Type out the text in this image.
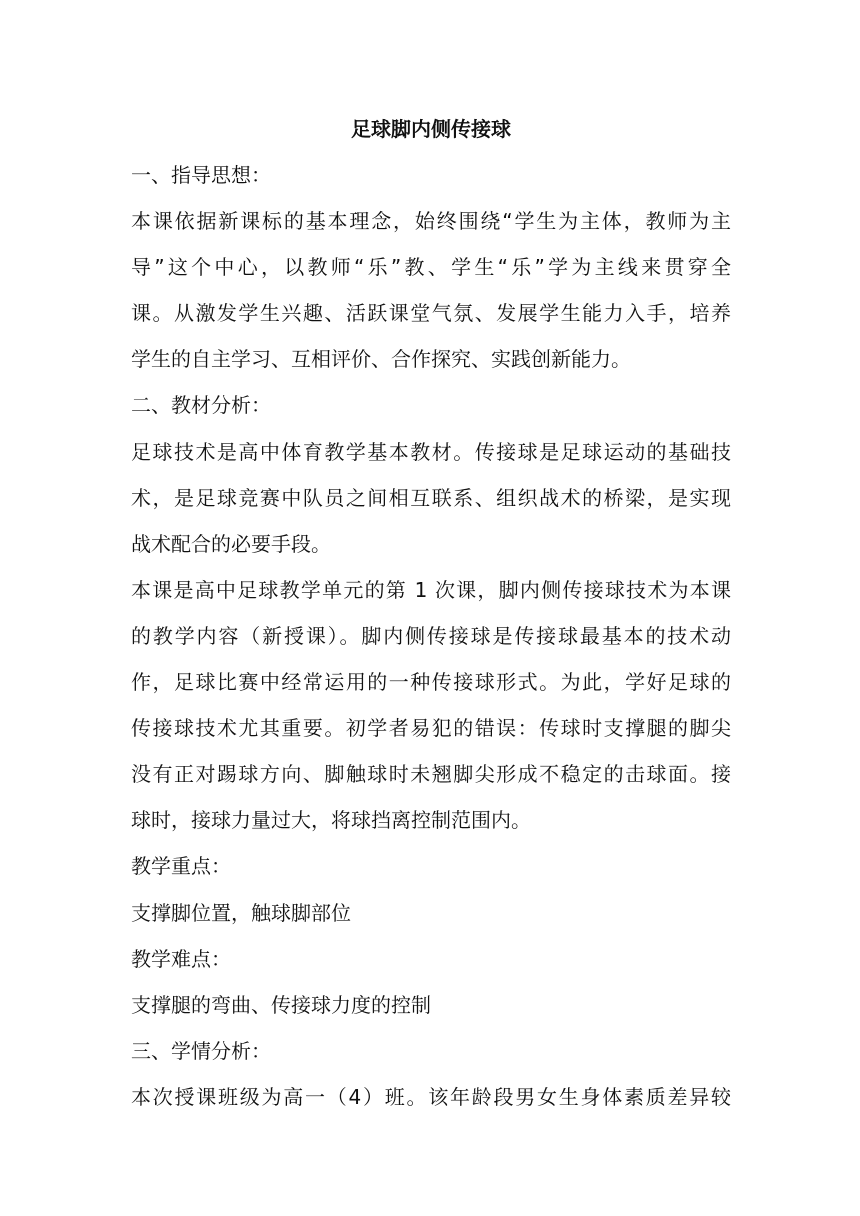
足球脚内侧传接球
一、指导思想：
本课依据新课标的基本理念，始终围绕“学生为主体，教师为主
导”这个中心，以教师“乐”教、学生“乐”学为主线来贯穿全
课。从激发学生兴趣、活跃课堂气氛、发展学生能力入手，培养
学生的自主学习、互相评价、合作探究、实践创新能力。
二、教材分析：
足球技术是高中体育教学基本教材。传接球是足球运动的基础技
术，是足球竞赛中队员之间相互联系、组织战术的桥梁，是实现
战术配合的必要手段。
本课是高中足球教学单元的第 1 次课，脚内侧传接球技术为本课
的教学内容（新授课）。脚内侧传接球是传接球最基本的技术动
作，足球比赛中经常运用的一种传接球形式。为此，学好足球的
传接球技术尤其重要。初学者易犯的错误：传球时支撑腿的脚尖
没有正对踢球方向、脚触球时未翘脚尖形成不稳定的击球面。接
球时，接球力量过大，将球挡离控制范围内。
教学重点：
支撑脚位置，触球脚部位
教学难点：
支撑腿的弯曲、传接球力度的控制
三、学情分析：
本次授课班级为高一（4）班。该年龄段男女生身体素质差异较
